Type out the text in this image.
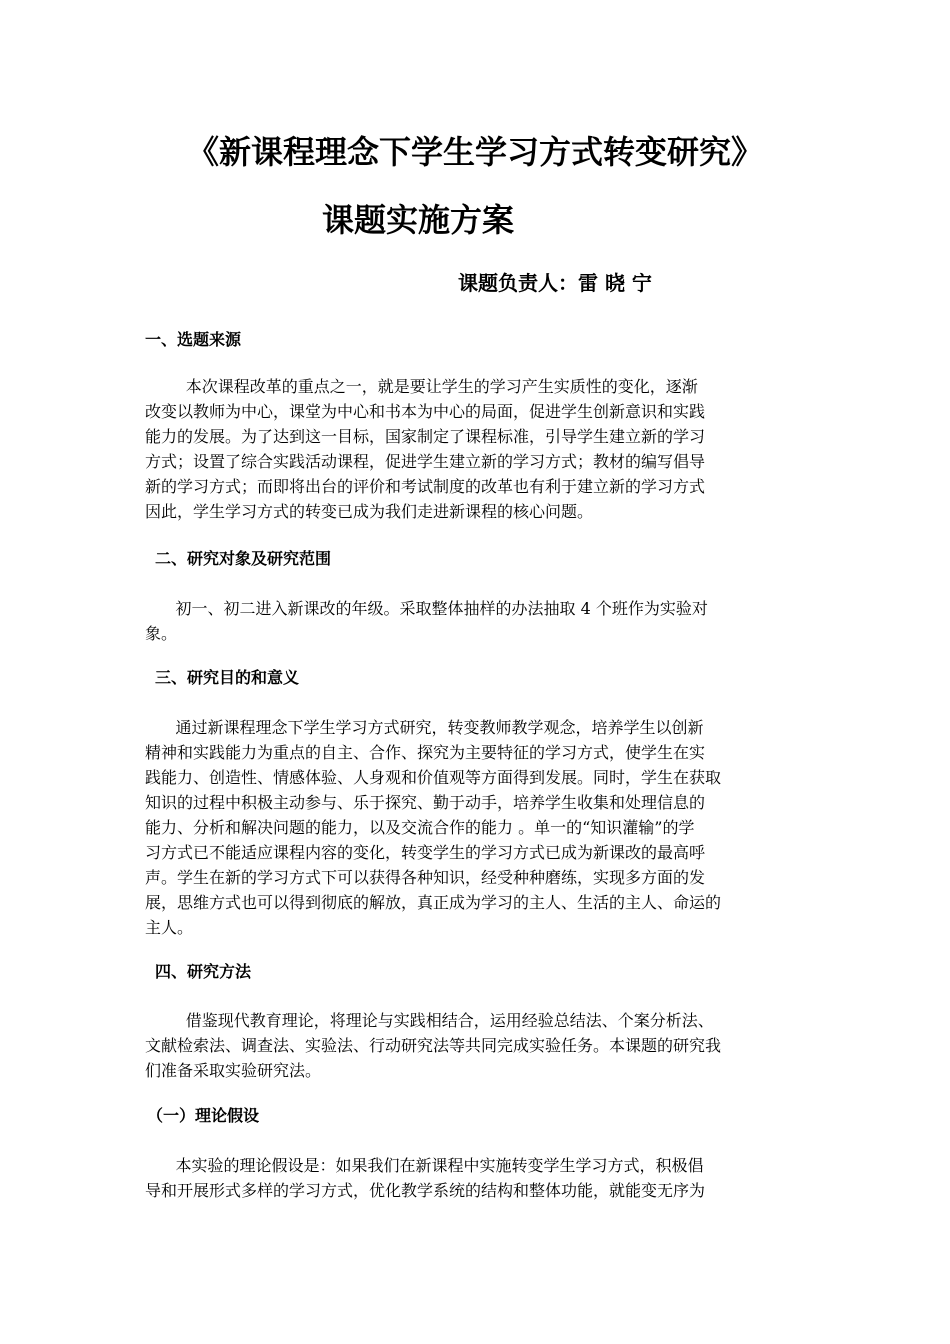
《新课程理念下学生学习方式转变研究》
课题实施方案
课题负责人：雷 晓 宁
一、选题来源
本次课程改革的重点之一，就是要让学生的学习产生实质性的变化，逐渐
改变以教师为中心，课堂为中心和书本为中心的局面，促进学生创新意识和实践
能力的发展。为了达到这一目标，国家制定了课程标准，引导学生建立新的学习
方式；设置了综合实践活动课程，促进学生建立新的学习方式；教材的编写倡导
新的学习方式；而即将出台的评价和考试制度的改革也有利于建立新的学习方式
因此，学生学习方式的转变已成为我们走进新课程的核心问题。
二、研究对象及研究范围
初一、初二进入新课改的年级。采取整体抽样的办法抽取 4 个班作为实验对
象。
三、研究目的和意义
通过新课程理念下学生学习方式研究，转变教师教学观念，培养学生以创新
精神和实践能力为重点的自主、合作、探究为主要特征的学习方式，使学生在实
践能力、创造性、情感体验、人身观和价值观等方面得到发展。同时，学生在获取
知识的过程中积极主动参与、乐于探究、勤于动手，培养学生收集和处理信息的
能力、分析和解决问题的能力，以及交流合作的能力 。单一的“知识灌输”的学
习方式已不能适应课程内容的变化，转变学生的学习方式已成为新课改的最高呼
声。学生在新的学习方式下可以获得各种知识，经受种种磨练，实现多方面的发
展，思维方式也可以得到彻底的解放，真正成为学习的主人、生活的主人、命运的
主人。
四、研究方法
借鉴现代教育理论，将理论与实践相结合，运用经验总结法、个案分析法、
文献检索法、调查法、实验法、行动研究法等共同完成实验任务。本课题的研究我
们准备采取实验研究法。
（一）理论假设
本实验的理论假设是：如果我们在新课程中实施转变学生学习方式，积极倡
导和开展形式多样的学习方式，优化教学系统的结构和整体功能，就能变无序为
